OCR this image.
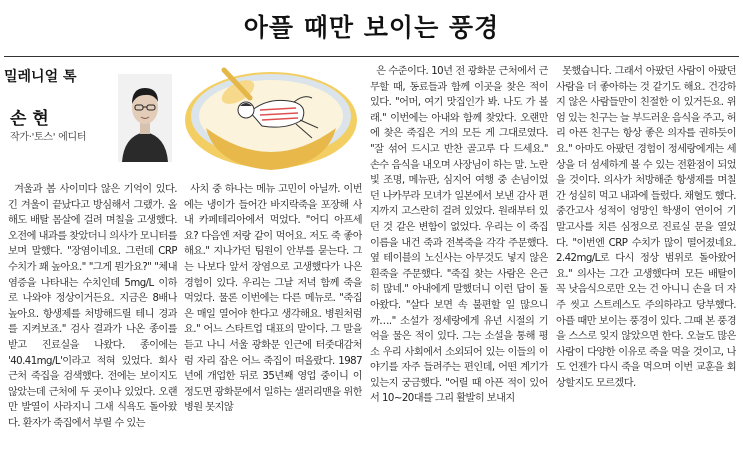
아플 때만 보이는 풍경
밀레니얼 톡
손 현
작가·'토스' 에디터

겨울과 봄 사이미다 않은 기억이 있다. 긴 겨울이 끝났다고 방심해서 그랬가. 올해도 배탈 몸살에 걸려 며칠을 고생했다. 오전에 내과를 찾았더니 의사가 모니터를 보며 말했다. "장염이네요. 그런데 CRP 수치가 꽤 높아요." "그게 뭔가요?" "체내 염증을 나타내는 수치인데 5mg/L 이하로 나와야 정상이거든요. 지금은 8배나 높아요. 항생제를 처방해드릴 테니 경과를 지켜보죠." 검사 결과가 나온 종이를 받고 진료실을 나왔다. 종이에는 '40.41mg/L'이라고 적혀 있었다. 회사 근처 죽집을 검색했다. 전에는 보이지도 않았는데 근처에 두 곳이나 있었다. 오랜만 발열이 사라지니 그새 식욕도 돌아왔다. 환자가 죽집에서 부릴 수 있는

사치 중 하나는 메뉴 고민이 아닐까. 이번에는 냉이가 들어간 바지락죽을 포장해 사내 카페테리아에서 먹었다. "어디 아프세요? 다음엔 저랑 같이 먹어요. 저도 죽 좋아해요." 지나가던 팀원이 안부를 묻는다. 그는 나보다 앞서 장염으로 고생했다가 나은 경험이 있다. 우리는 그날 저녁 함께 죽을 먹었다. 물론 이번에는 다른 메뉴로. "죽집은 매일 열어야 한다고 생각해요. 병원처럼요." 어느 스타트업 대표의 말이다. 그 말을 듣고 나니 서울 광화문 인근에 터줏대감처럼 자리 잡은 어느 죽집이 떠올랐다. 1987년에 개업한 뒤로 35년째 영업 중이니 이 정도면 광화문에서 일하는 샐러리맨을 위한 병원 못지않

은 수준이다. 10년 전 광화문 근처에서 근무할 때, 동료들과 함께 이곳을 찾은 적이 있다. "어머, 여기 맛집인가 봐. 나도 가 볼래." 이번에는 아내와 함께 찾았다. 오랜만에 찾은 죽집은 거의 모든 게 그대로였다. "잘 섞어 드시고 반찬 골고루 다 드세요." 손수 음식을 내오며 사장님이 하는 말. 노란빛 조명, 메뉴판, 심지어 여행 중 손님이었던 나카무라 모녀가 일본에서 보낸 감사 편지까지 고스란히 걸려 있었다. 원래부터 있던 것 같은 변함이 없었다. 우리는 이 죽집 이름을 내건 죽과 전복죽을 각각 주문했다. 옆 테이블의 노신사는 아무것도 넣지 않은 흰죽을 주문했다. "죽집 찾는 사람은 은근히 많네." 아내에게 말했더니 이런 답이 돌아왔다. "살다 보면 속 불편할 일 많으니까…." 소설가 정세랑에게 유년 시절의 기억을 물은 적이 있다. 그는 소설을 통해 평소 우리 사회에서 소외되어 있는 이들의 이야기를 자주 들려주는 편인데, 어떤 계기가 있는지 궁금했다. "어릴 때 아픈 적이 있어서 10~20대를 그리 활발히 보내지

못했습니다. 그래서 아팠던 사람이 아팠던 사람을 더 좋아하는 것 같기도 해요. 건강하지 않은 사람들만이 친절한 이 있거든요. 위엄 있는 친구는 늘 부드러운 음식을 주고, 허리 아픈 친구는 항상 좋은 의자를 권하듯이요." 아마도 아팠던 경험이 정세랑에게는 세상을 더 섬세하게 볼 수 있는 전환점이 되었을 것이다. 의사가 처방해준 항생제를 며칠간 성실히 먹고 내과에 들렀다. 채혈도 했다. 중간고사 성적이 엉망인 학생이 연이어 기말고사를 치른 심정으로 진료실 문을 열었다. "이번엔 CRP 수치가 많이 떨어졌네요. 2.42mg/L로 다시 정상 범위로 돌아왔어요." 의사는 그간 고생했다며 모든 배탈이 꼭 낫음식으로만 오는 건 아니니 손을 더 자주 씻고 스트레스도 주의하라고 당부했다. 아플 때만 보이는 풍경이 있다. 그때 본 풍경을 스스로 잊지 않았으면 한다. 오늘도 많은 사람이 다양한 이유로 죽을 먹을 것이고, 나도 언젠가 다시 죽을 먹으며 이번 교훈을 회상할지도 모르겠다.
